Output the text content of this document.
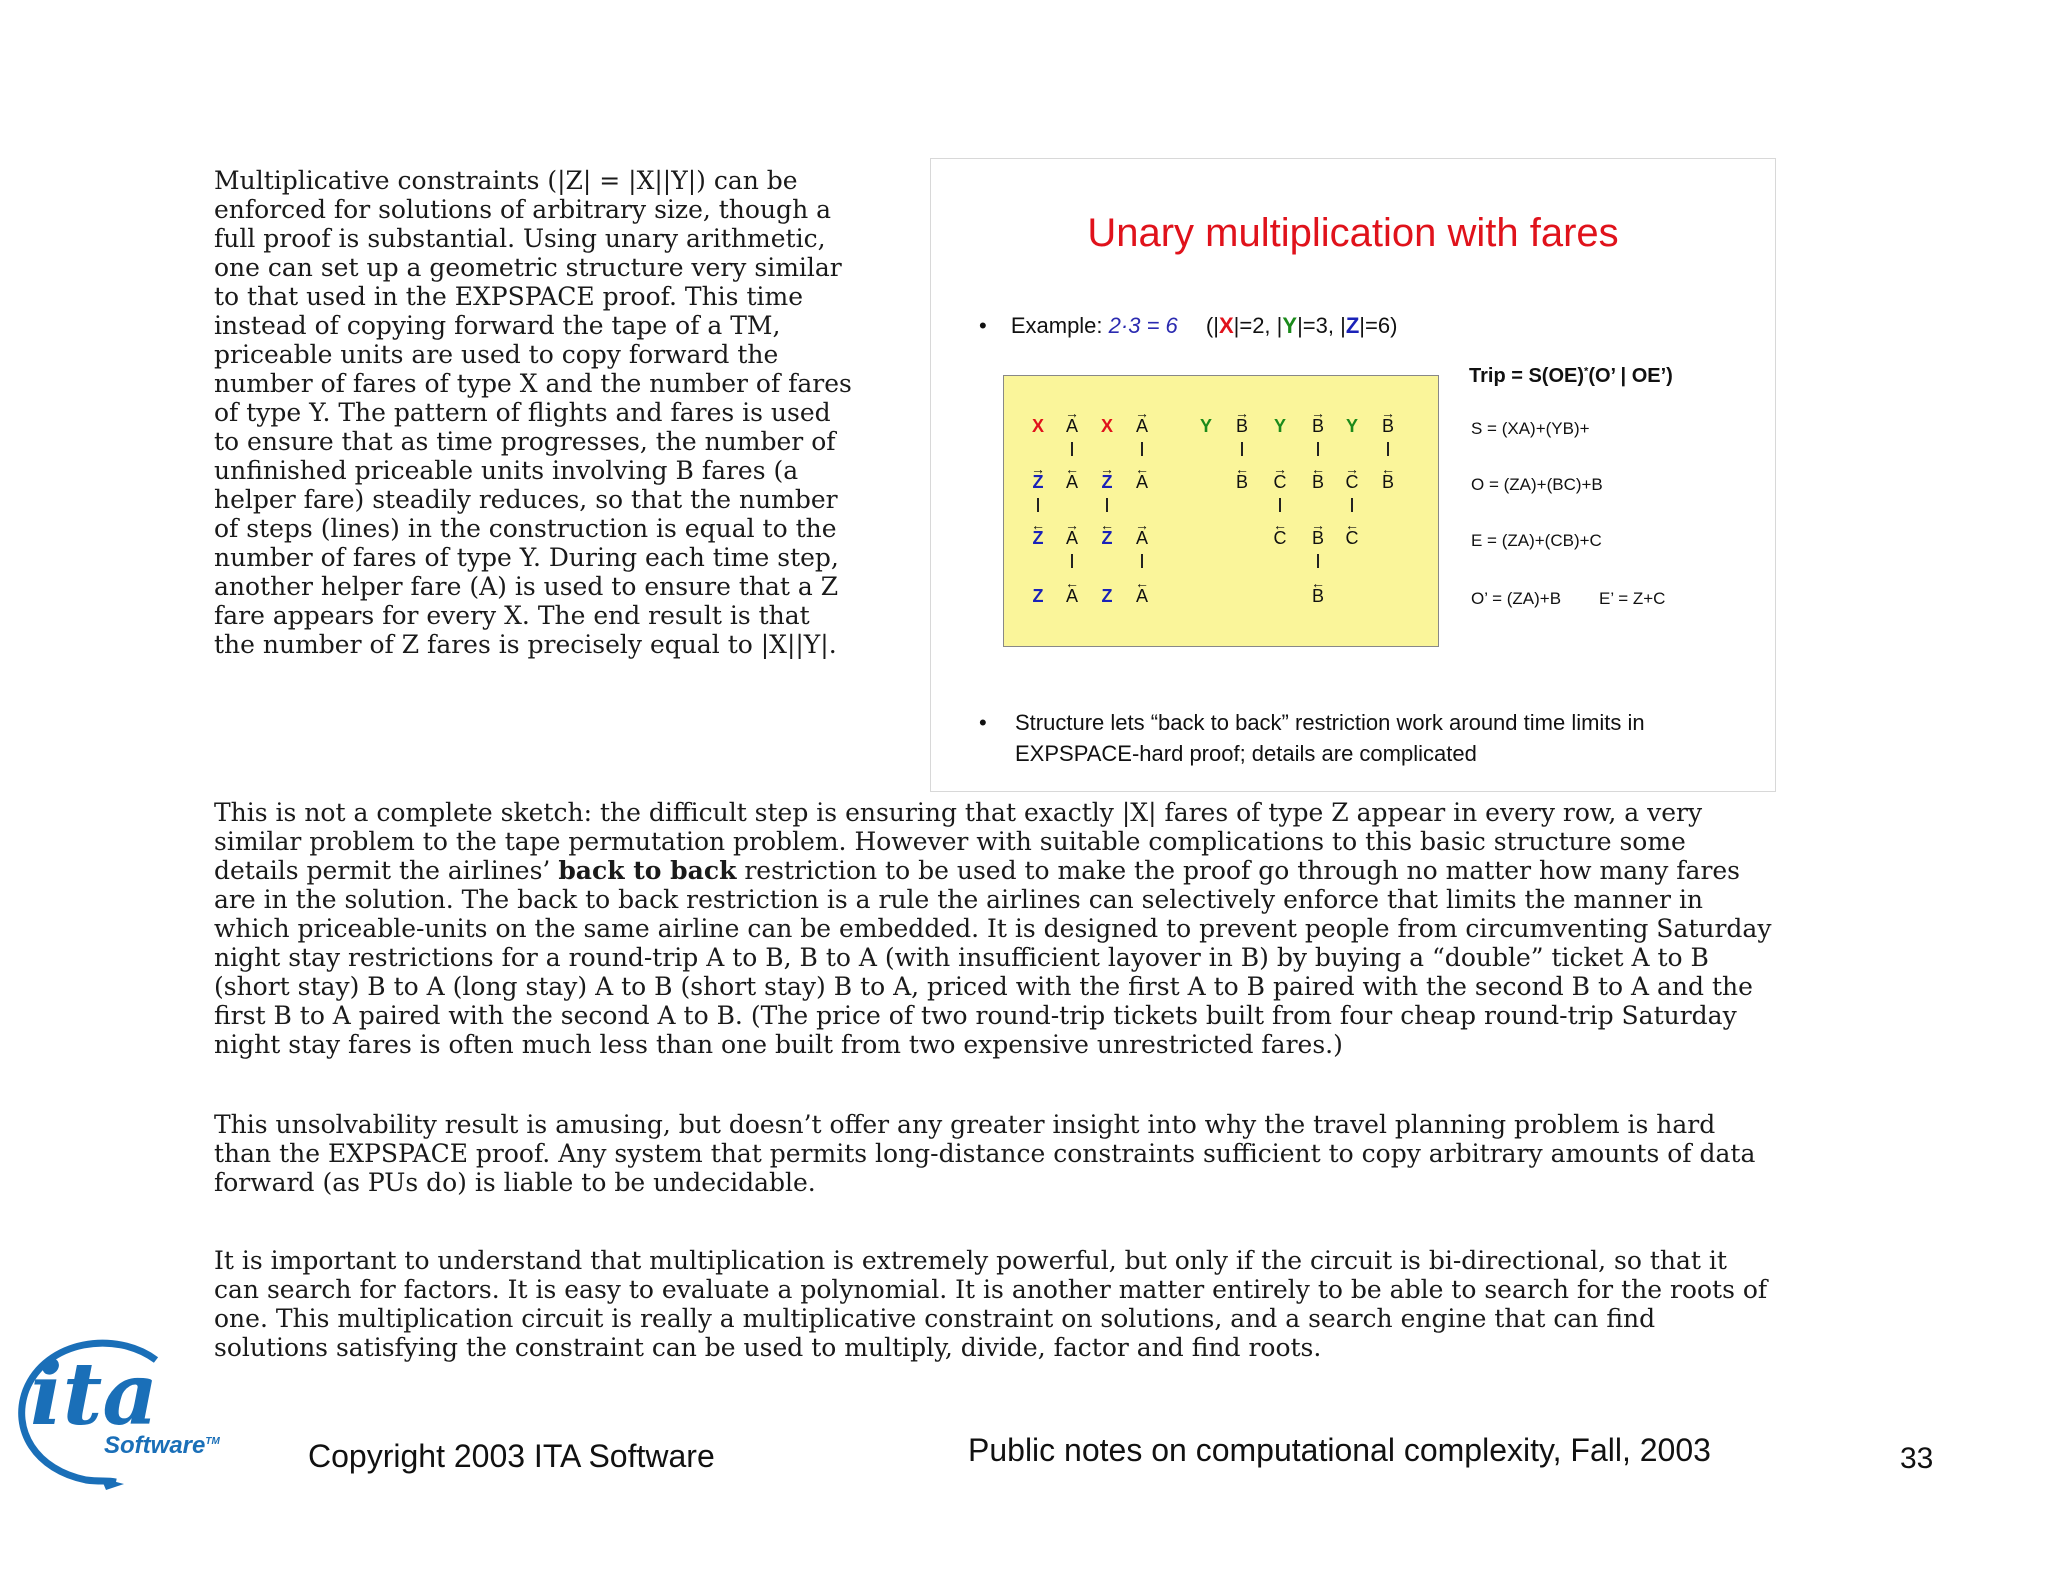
Multiplicative constraints (|Z| = |X||Y|) can be enforced for solutions of arbitrary size, though a full proof is substantial. Using unary arithmetic, one can set up a geometric structure very similar to that used in the EXPSPACE proof. This time instead of copying forward the tape of a TM, priceable units are used to copy forward the number of fares of type X and the number of fares of type Y. The pattern of flights and fares is used to ensure that as time progresses, the number of unfinished priceable units involving B fares (a helper fare) steadily reduces, so that the number of steps (lines) in the construction is equal to the number of fares of type Y. During each time step, another helper fare (A) is used to ensure that a Z fare appears for every X. The end result is that the number of Z fares is precisely equal to |X||Y|.

Unary multiplication with fares
• Example: 2·3 = 6 (|X|=2, |Y|=3, |Z|=6)
Trip = S(OE)*(O’ | OE’)
X
→
A	X
→
A	Y
→
B	Y
→
B	Y
→
B
→
Z
←
A
→
Z
←
A
←
B
→
C
←
B
→
C
←
B
←
Z
→
A
←
Z
→
A
←
C
→
B
←
C
Z
←
A	Z
←
A
←
B
S = (XA)+(YB)+
O = (ZA)+(BC)+B
E = (ZA)+(CB)+C
O’ = (ZA)+B E’ = Z+C
• Structure lets “back to back” restriction work around time limits in EXPSPACE-hard proof; details are complicated

This is not a complete sketch: the difficult step is ensuring that exactly |X| fares of type Z appear in every row, a very similar problem to the tape permutation problem. However with suitable complications to this basic structure some details permit the airlines’ back to back restriction to be used to make the proof go through no matter how many fares are in the solution. The back to back restriction is a rule the airlines can selectively enforce that limits the manner in which priceable-units on the same airline can be embedded. It is designed to prevent people from circumventing Saturday night stay restrictions for a round-trip A to B, B to A (with insufficient layover in B) by buying a “double” ticket A to B (short stay) B to A (long stay) A to B (short stay) B to A, priced with the first A to B paired with the second B to A and the first B to A paired with the second A to B. (The price of two round-trip tickets built from four cheap round-trip Saturday night stay fares is often much less than one built from two expensive unrestricted fares.)

This unsolvability result is amusing, but doesn’t offer any greater insight into why the travel planning problem is hard than the EXPSPACE proof. Any system that permits long-distance constraints sufficient to copy arbitrary amounts of data forward (as PUs do) is liable to be undecidable.

It is important to understand that multiplication is extremely powerful, but only if the circuit is bi-directional, so that it can search for factors. It is easy to evaluate a polynomial. It is another matter entirely to be able to search for the roots of one. This multiplication circuit is really a multiplicative constraint on solutions, and a search engine that can find solutions satisfying the constraint can be used to multiply, divide, factor and find roots.

ita
Software™	Copyright 2003 ITA Software	Public notes on computational complexity, Fall, 2003	33
